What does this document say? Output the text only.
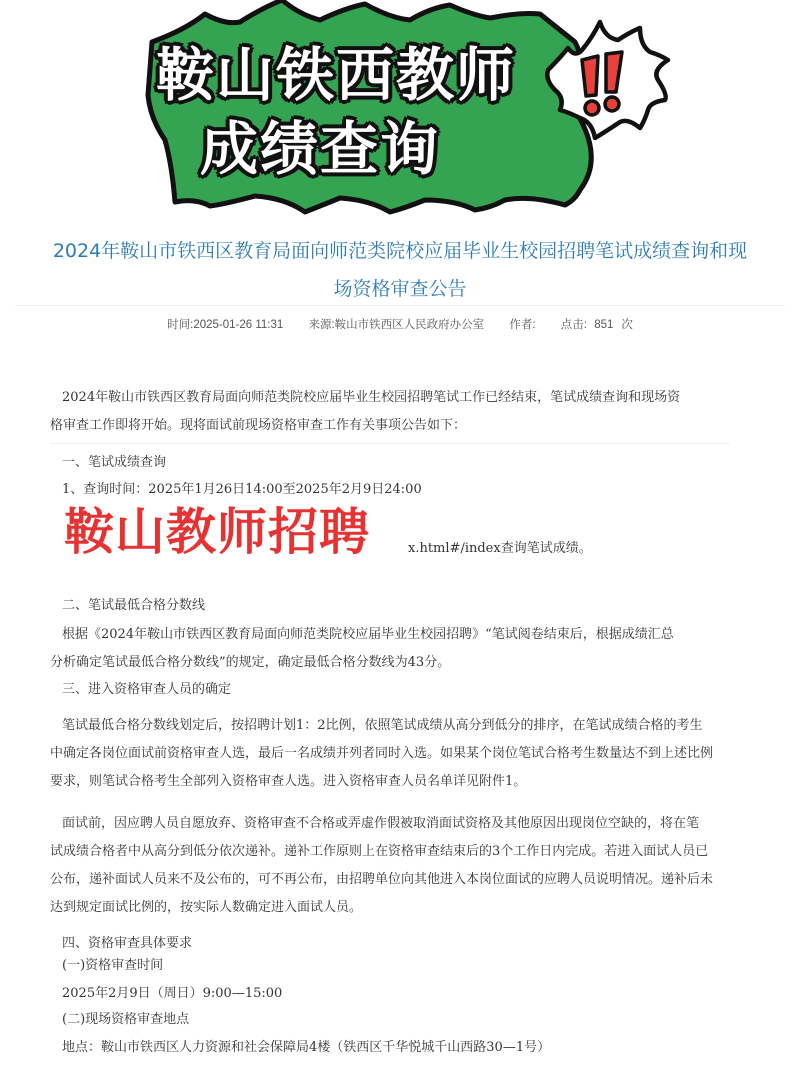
鞍山铁西教师
成绩查询
2024年鞍山市铁西区教育局面向师范类院校应届毕业生校园招聘笔试成绩查询和现
场资格审查公告
时间:2025-01-26 11:31 来源:鞍山市铁西区人民政府办公室 作者: 点击: 851 次
2024年鞍山市铁西区教育局面向师范类院校应届毕业生校园招聘笔试工作已经结束，笔试成绩查询和现场资
格审查工作即将开始。现将面试前现场资格审查工作有关事项公告如下：
一、笔试成绩查询
1、查询时间：2025年1月26日14:00至2025年2月9日24:00
二、笔试最低合格分数线
根据《2024年鞍山市铁西区教育局面向师范类院校应届毕业生校园招聘》“笔试阅卷结束后，根据成绩汇总
分析确定笔试最低合格分数线”的规定，确定最低合格分数线为43分。
三、进入资格审查人员的确定
笔试最低合格分数线划定后，按招聘计划1：2比例，依照笔试成绩从高分到低分的排序，在笔试成绩合格的考生
中确定各岗位面试前资格审查人选，最后一名成绩并列者同时入选。如果某个岗位笔试合格考生数量达不到上述比例
要求，则笔试合格考生全部列入资格审查人选。进入资格审查人员名单详见附件1。
面试前，因应聘人员自愿放弃、资格审查不合格或弄虚作假被取消面试资格及其他原因出现岗位空缺的，将在笔
试成绩合格者中从高分到低分依次递补。递补工作原则上在资格审查结束后的3个工作日内完成。若进入面试人员已
公布，递补面试人员来不及公布的，可不再公布，由招聘单位向其他进入本岗位面试的应聘人员说明情况。递补后未
达到规定面试比例的，按实际人数确定进入面试人员。
四、资格审查具体要求
(一)资格审查时间
2025年2月9日（周日）9:00—15:00
(二)现场资格审查地点
地点：鞍山市铁西区人力资源和社会保障局4楼（铁西区千华悦城千山西路30—1号）
鞍山教师招聘	x.html#/index查询笔试成绩。
